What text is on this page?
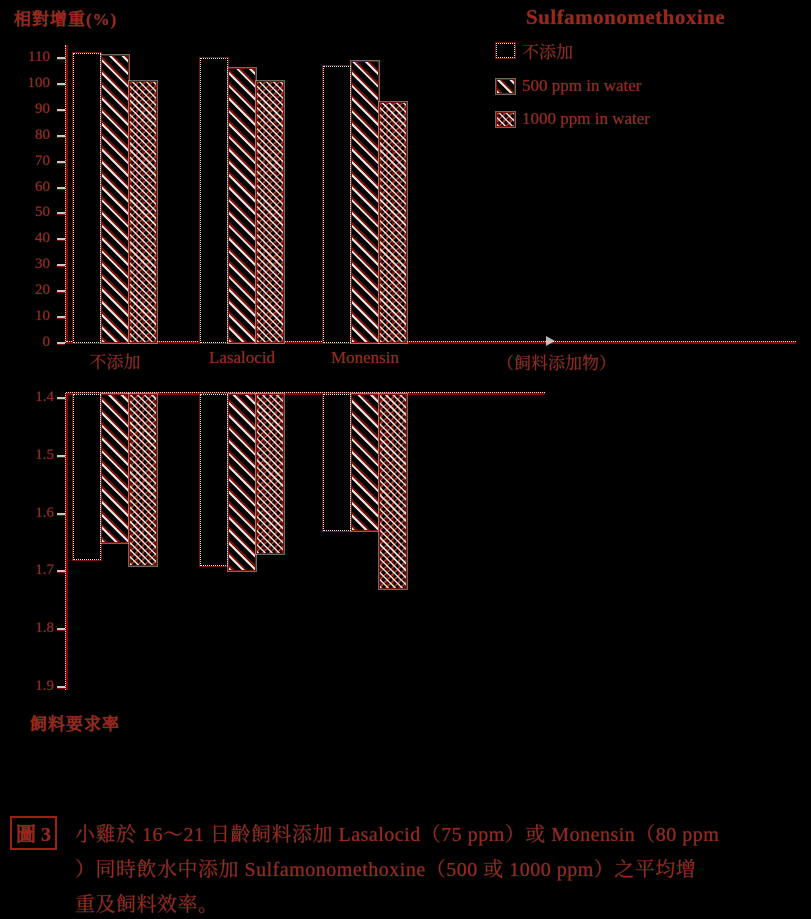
相對增重(%)	Sulfamonomethoxine
不添加
500 ppm in water
1000 ppm in water
110
100
90
80
70
60
50
40
30
20
10
0
1.4
1.5
1.6
1.7
1.8
1.9
不添加	Lasalocid	Monensin	（飼料添加物）
飼料要求率
圖 3	小雞於 16～21 日齡飼料添加 Lasalocid（75 ppm）或 Monensin（80 ppm
）同時飲水中添加 Sulfamonomethoxine（500 或 1000 ppm）之平均增
重及飼料效率。
